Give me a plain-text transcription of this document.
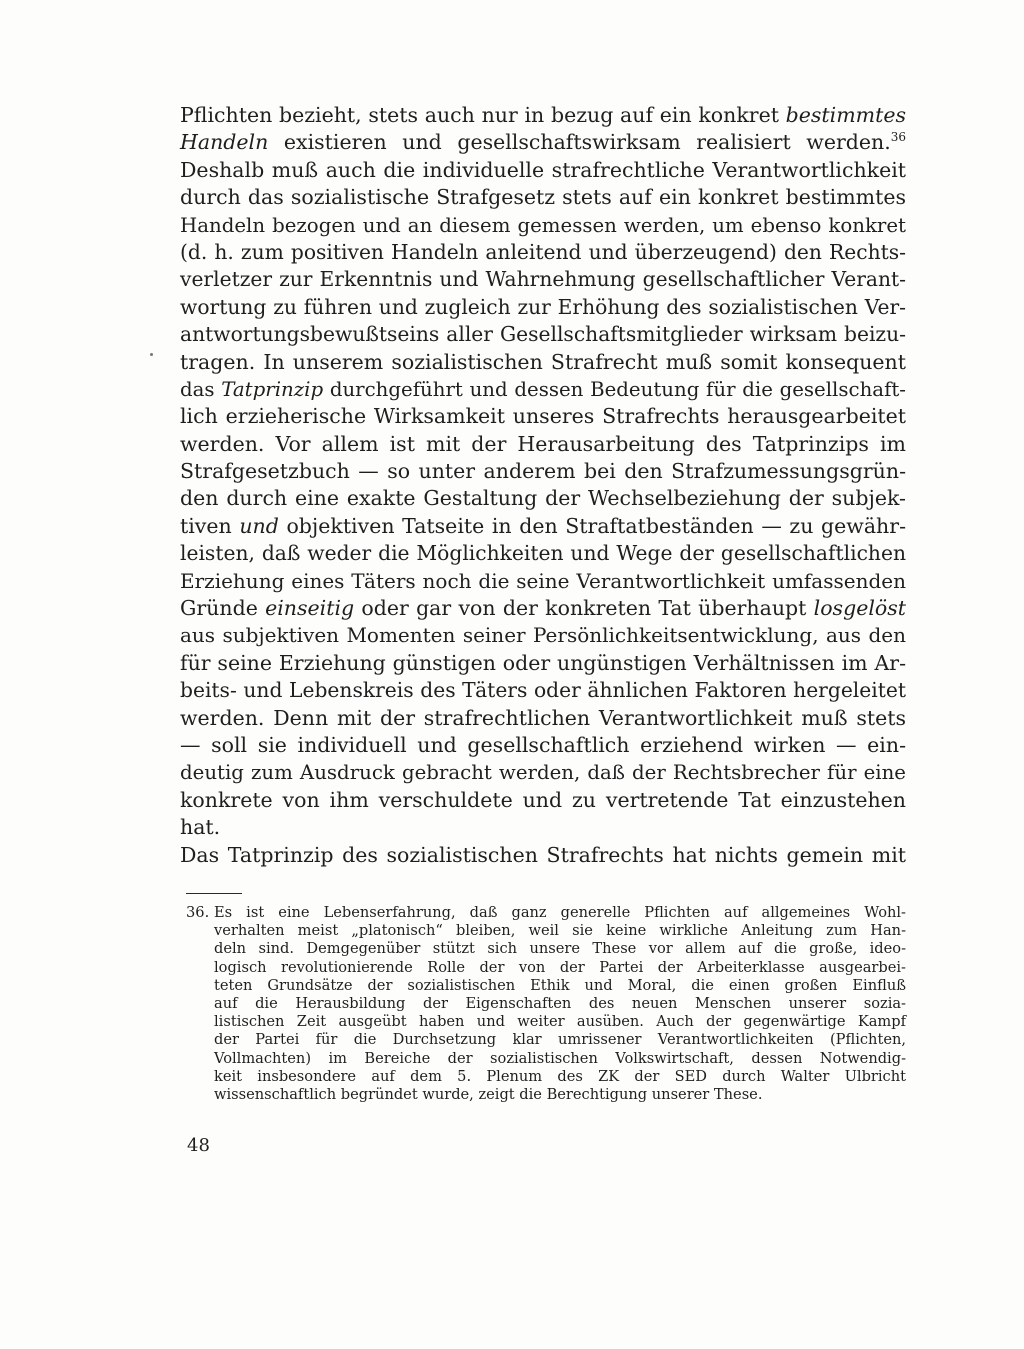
Pflichten bezieht, stets auch nur in bezug auf ein konkret bestimmtes
Handeln existieren und gesellschaftswirksam realisiert werden.$^{36}$
Deshalb muß auch die individuelle strafrechtliche Verantwortlichkeit
durch das sozialistische Strafgesetz stets auf ein konkret bestimmtes
Handeln bezogen und an diesem gemessen werden, um ebenso konkret
(d. h. zum positiven Handeln anleitend und überzeugend) den Rechts-
verletzer zur Erkenntnis und Wahrnehmung gesellschaftlicher Verant-
wortung zu führen und zugleich zur Erhöhung des sozialistischen Ver-
antwortungsbewußtseins aller Gesellschaftsmitglieder wirksam beizu-
tragen. In unserem sozialistischen Strafrecht muß somit konsequent
das Tatprinzip durchgeführt und dessen Bedeutung für die gesellschaft-
lich erzieherische Wirksamkeit unseres Strafrechts herausgearbeitet
werden. Vor allem ist mit der Herausarbeitung des Tatprinzips im
Strafgesetzbuch — so unter anderem bei den Strafzumessungsgrün-
den durch eine exakte Gestaltung der Wechselbeziehung der subjek-
tiven und objektiven Tatseite in den Straftatbeständen — zu gewähr-
leisten, daß weder die Möglichkeiten und Wege der gesellschaftlichen
Erziehung eines Täters noch die seine Verantwortlichkeit umfassenden
Gründe einseitig oder gar von der konkreten Tat überhaupt losgelöst
aus subjektiven Momenten seiner Persönlichkeitsentwicklung, aus den
für seine Erziehung günstigen oder ungünstigen Verhältnissen im Ar-
beits- und Lebenskreis des Täters oder ähnlichen Faktoren hergeleitet
werden. Denn mit der strafrechtlichen Verantwortlichkeit muß stets
— soll sie individuell und gesellschaftlich erziehend wirken — ein-
deutig zum Ausdruck gebracht werden, daß der Rechtsbrecher für eine
konkrete von ihm verschuldete und zu vertretende Tat einzustehen
hat.
Das Tatprinzip des sozialistischen Strafrechts hat nichts gemein mit
36. Es ist eine Lebenserfahrung, daß ganz generelle Pflichten auf allgemeines Wohl-
verhalten meist „platonisch“ bleiben, weil sie keine wirkliche Anleitung zum Han-
deln sind. Demgegenüber stützt sich unsere These vor allem auf die große, ideo-
logisch revolutionierende Rolle der von der Partei der Arbeiterklasse ausgearbei-
teten Grundsätze der sozialistischen Ethik und Moral, die einen großen Einfluß
auf die Herausbildung der Eigenschaften des neuen Menschen unserer sozia-
listischen Zeit ausgeübt haben und weiter ausüben. Auch der gegenwärtige Kampf
der Partei für die Durchsetzung klar umrissener Verantwortlichkeiten (Pflichten,
Vollmachten) im Bereiche der sozialistischen Volkswirtschaft, dessen Notwendig-
keit insbesondere auf dem 5. Plenum des ZK der SED durch Walter Ulbricht
wissenschaftlich begründet wurde, zeigt die Berechtigung unserer These.
48
